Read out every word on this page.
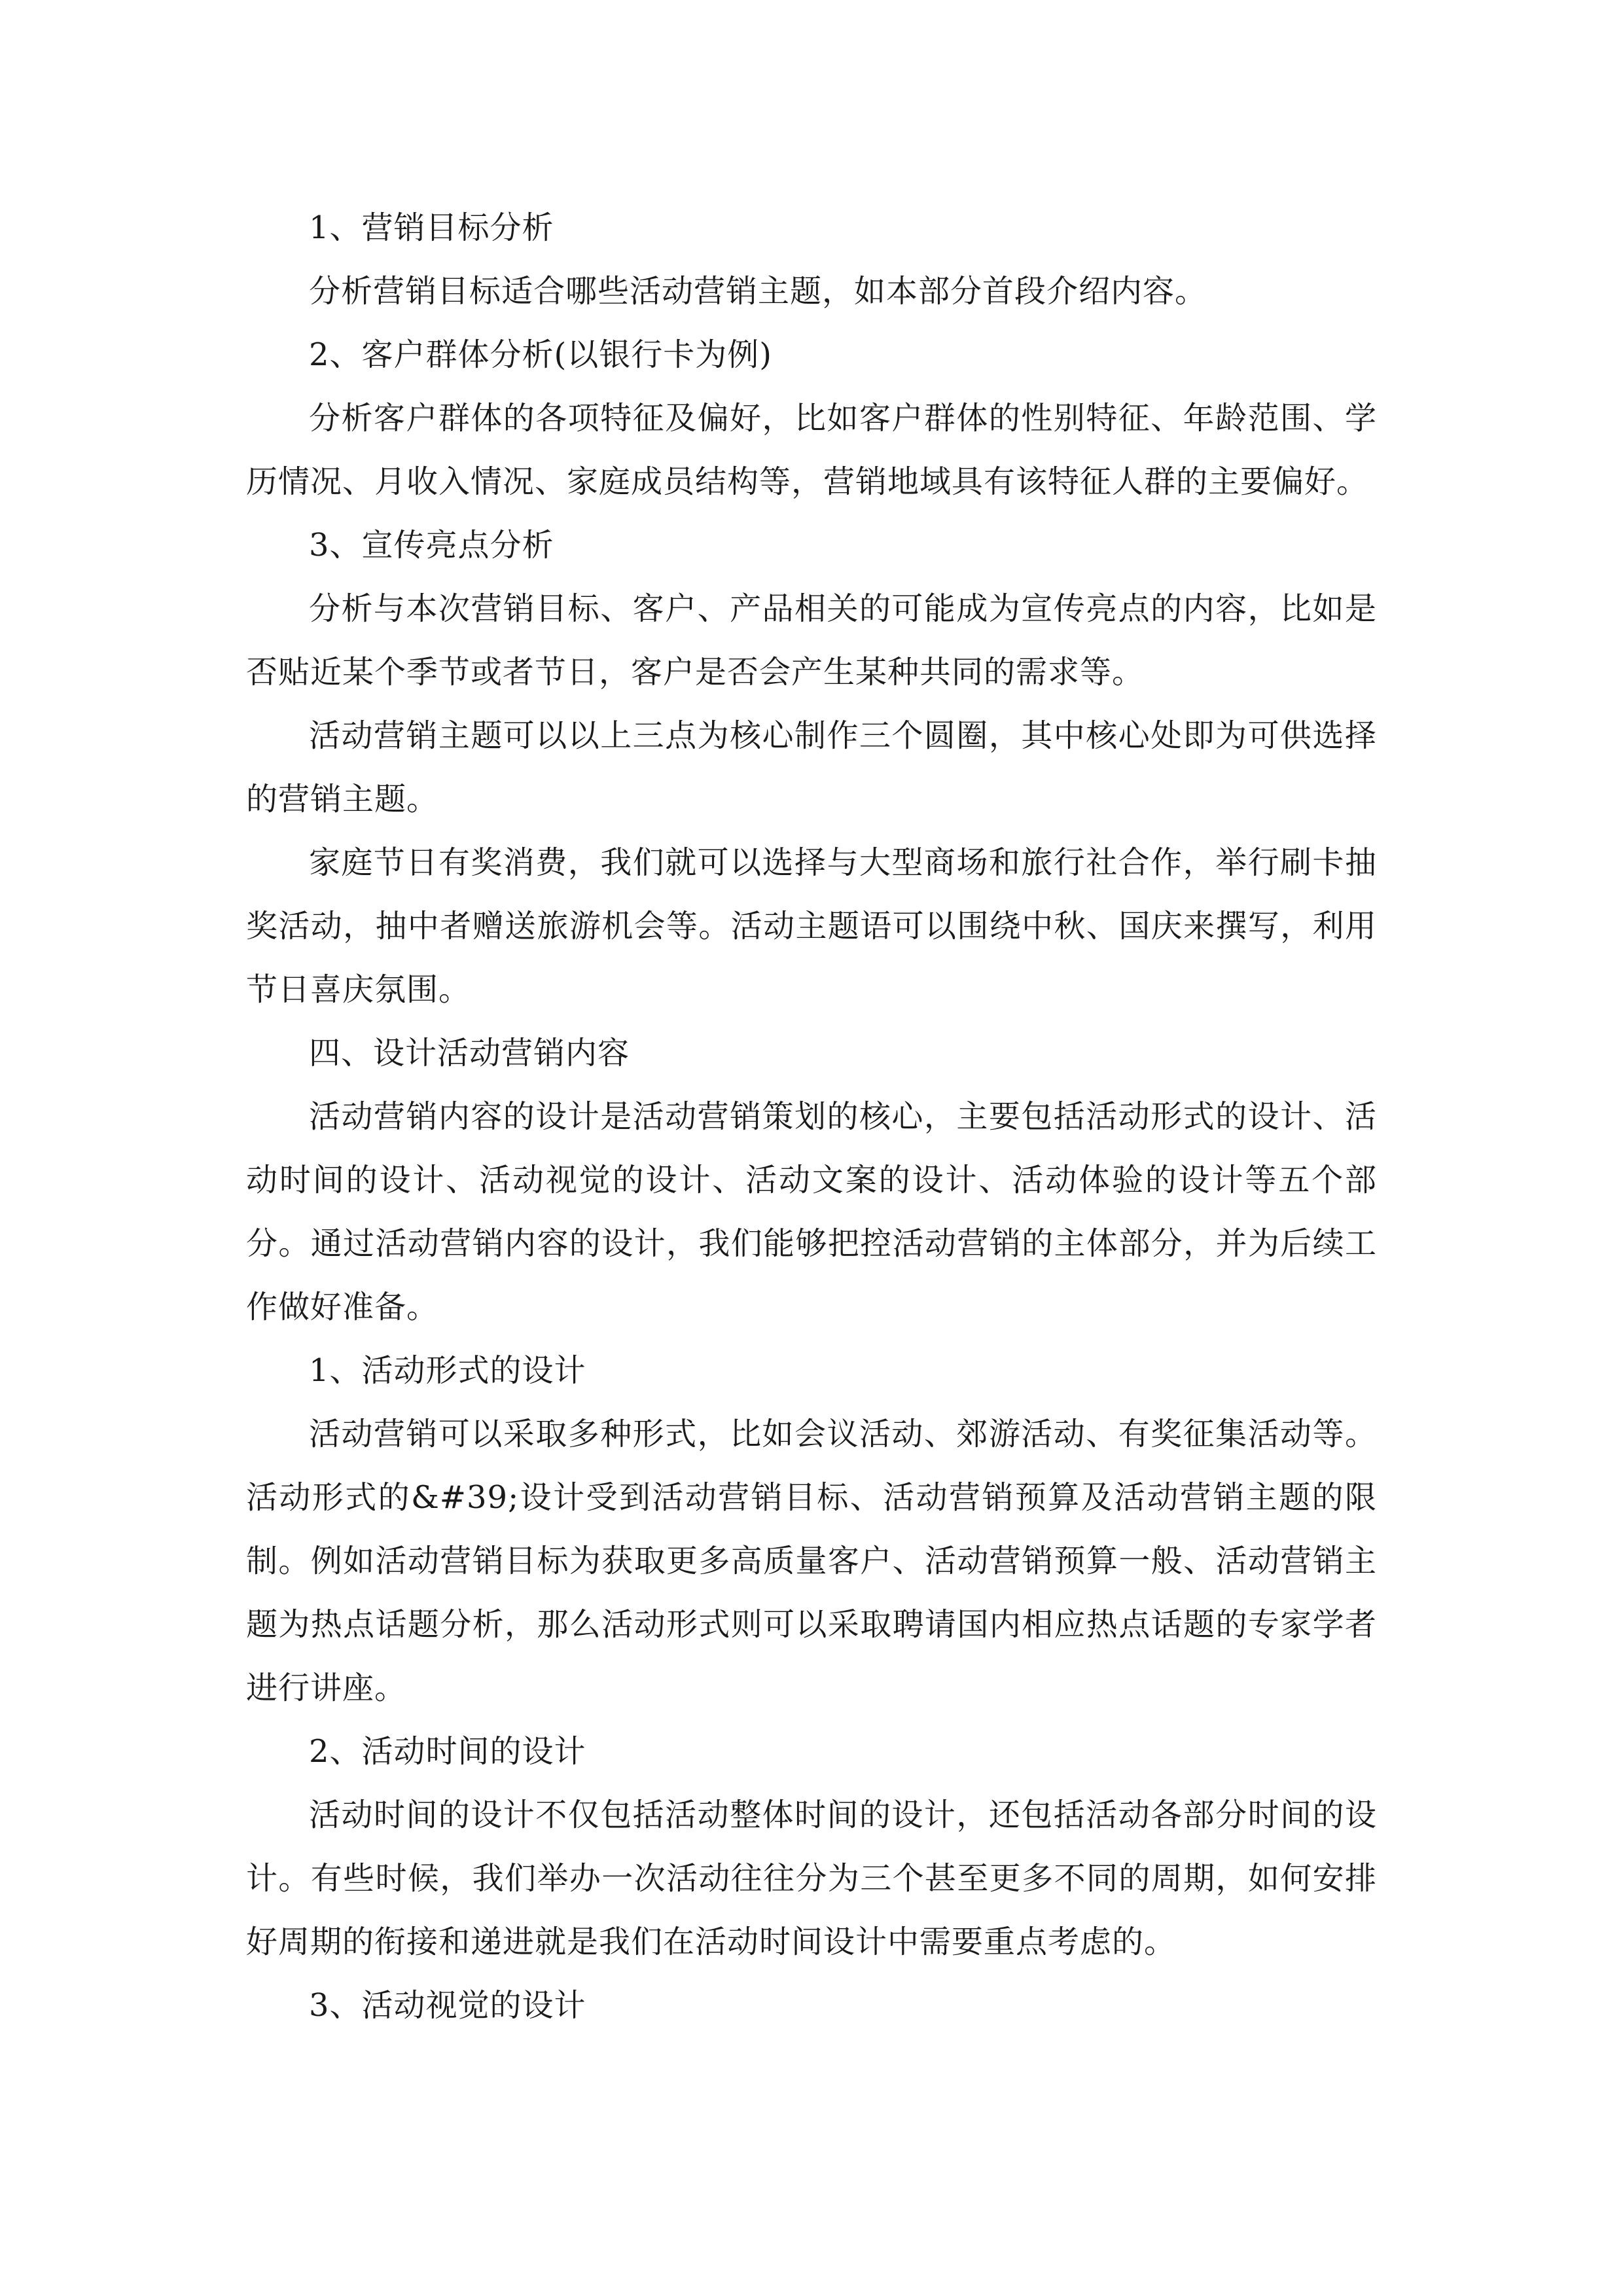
1、营销目标分析

分析营销目标适合哪些活动营销主题，如本部分首段介绍内容。

2、客户群体分析(以银行卡为例)

分析客户群体的各项特征及偏好，比如客户群体的性别特征、年龄范围、学历情况、月收入情况、家庭成员结构等，营销地域具有该特征人群的主要偏好。

3、宣传亮点分析

分析与本次营销目标、客户、产品相关的可能成为宣传亮点的内容，比如是否贴近某个季节或者节日，客户是否会产生某种共同的需求等。

活动营销主题可以以上三点为核心制作三个圆圈，其中核心处即为可供选择的营销主题。

家庭节日有奖消费，我们就可以选择与大型商场和旅行社合作，举行刷卡抽奖活动，抽中者赠送旅游机会等。活动主题语可以围绕中秋、国庆来撰写，利用节日喜庆氛围。

四、设计活动营销内容

活动营销内容的设计是活动营销策划的核心，主要包括活动形式的设计、活动时间的设计、活动视觉的设计、活动文案的设计、活动体验的设计等五个部分。通过活动营销内容的设计，我们能够把控活动营销的主体部分，并为后续工作做好准备。

1、活动形式的设计

活动营销可以采取多种形式，比如会议活动、郊游活动、有奖征集活动等。活动形式的&#39;设计受到活动营销目标、活动营销预算及活动营销主题的限制。例如活动营销目标为获取更多高质量客户、活动营销预算一般、活动营销主题为热点话题分析，那么活动形式则可以采取聘请国内相应热点话题的专家学者进行讲座。

2、活动时间的设计

活动时间的设计不仅包括活动整体时间的设计，还包括活动各部分时间的设计。有些时候，我们举办一次活动往往分为三个甚至更多不同的周期，如何安排好周期的衔接和递进就是我们在活动时间设计中需要重点考虑的。

3、活动视觉的设计
